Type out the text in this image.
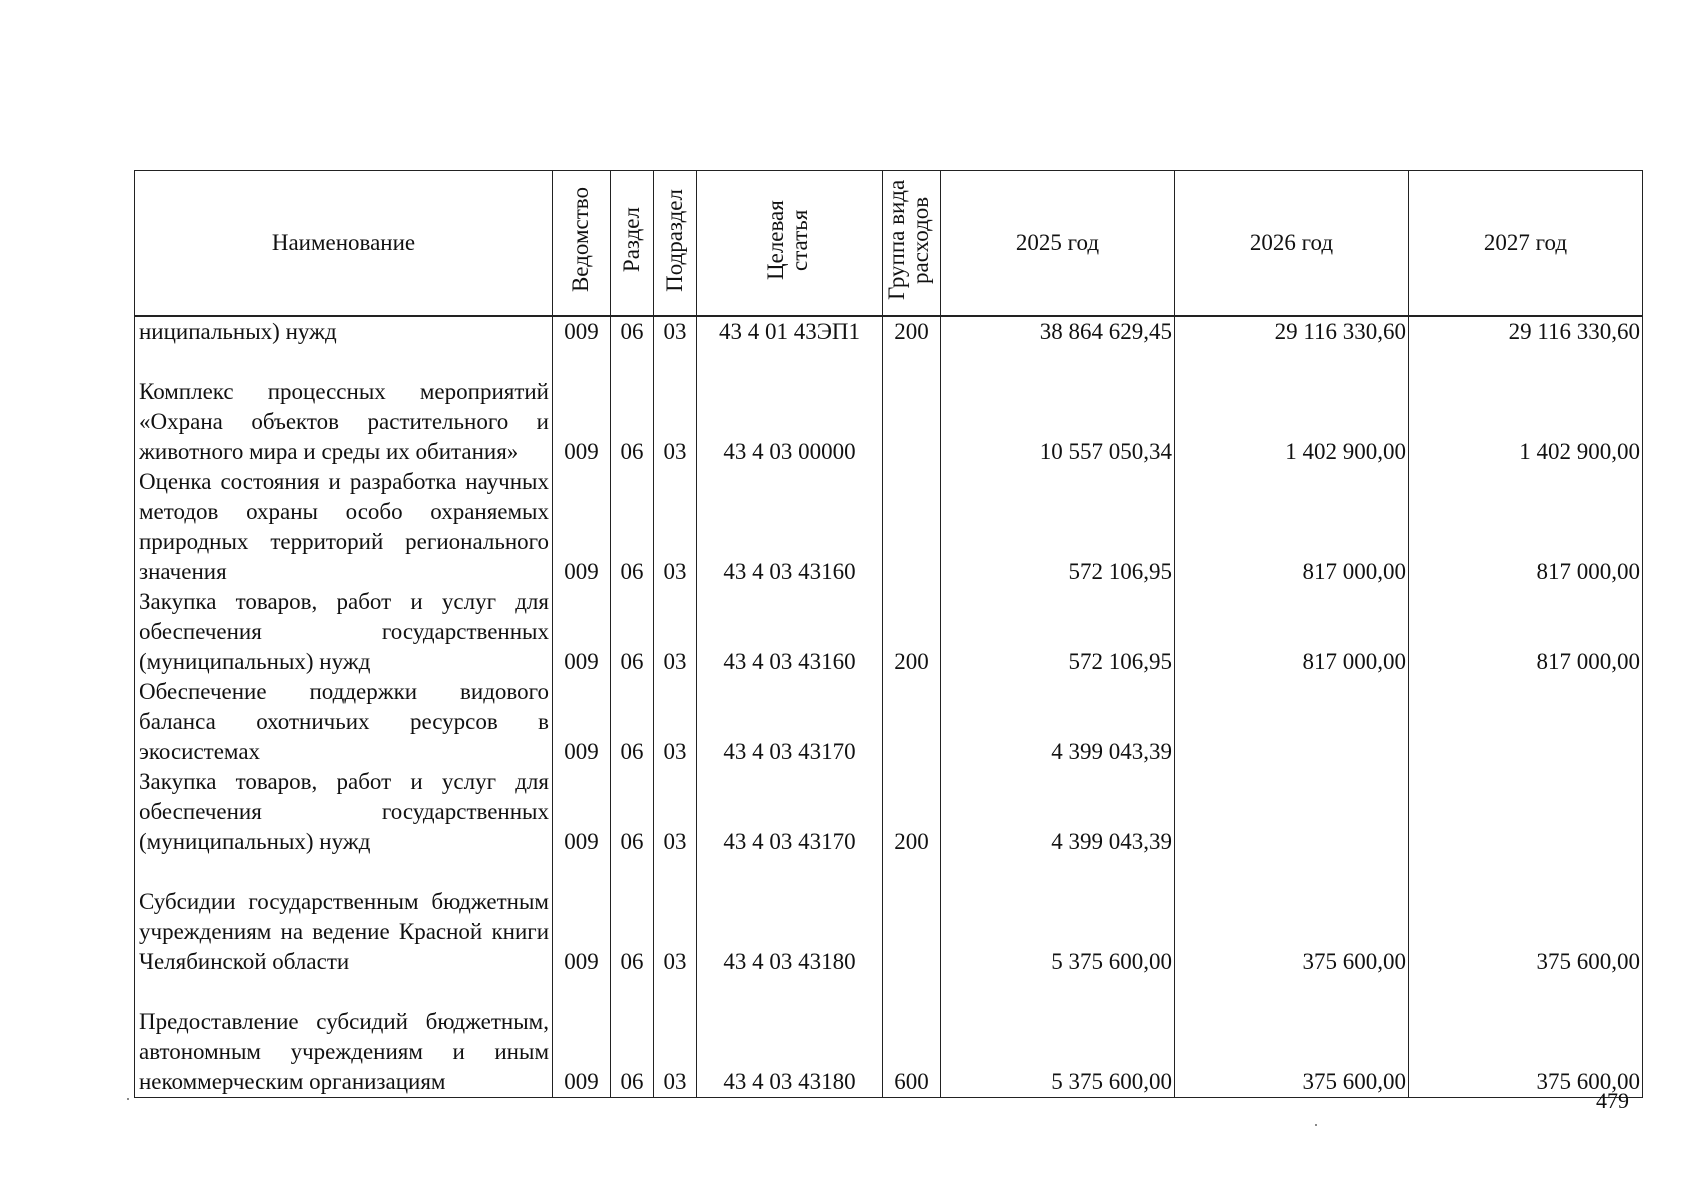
Наименование	Ведомство	Раздел	Подраздел	Целевая статья	Группа вида расходов	2025 год	2026 год	2027 год
ниципальных) нужд	009	06	03	43 4 01 43ЭП1	200	38 864 629,45	29 116 330,60	29 116 330,60
Комплекс процессных мероприятий «Охрана объектов растительного и животного мира и среды их обитания»	009	06	03	43 4 03 00000		10 557 050,34	1 402 900,00	1 402 900,00
Оценка состояния и разработка научных методов охраны особо охраняемых природных территорий регионального значения	009	06	03	43 4 03 43160		572 106,95	817 000,00	817 000,00
Закупка товаров, работ и услуг для обеспечения государственных (муниципальных) нужд	009	06	03	43 4 03 43160	200	572 106,95	817 000,00	817 000,00
Обеспечение поддержки видового баланса охотничьих ресурсов в экосистемах	009	06	03	43 4 03 43170		4 399 043,39		
Закупка товаров, работ и услуг для обеспечения государственных (муниципальных) нужд	009	06	03	43 4 03 43170	200	4 399 043,39		
Субсидии государственным бюджетным учреждениям на ведение Красной книги Челябинской области	009	06	03	43 4 03 43180		5 375 600,00	375 600,00	375 600,00
Предоставление субсидий бюджетным, автономным учреждениям и иным некоммерческим организациям	009	06	03	43 4 03 43180	600	5 375 600,00	375 600,00	375 600,00
479
